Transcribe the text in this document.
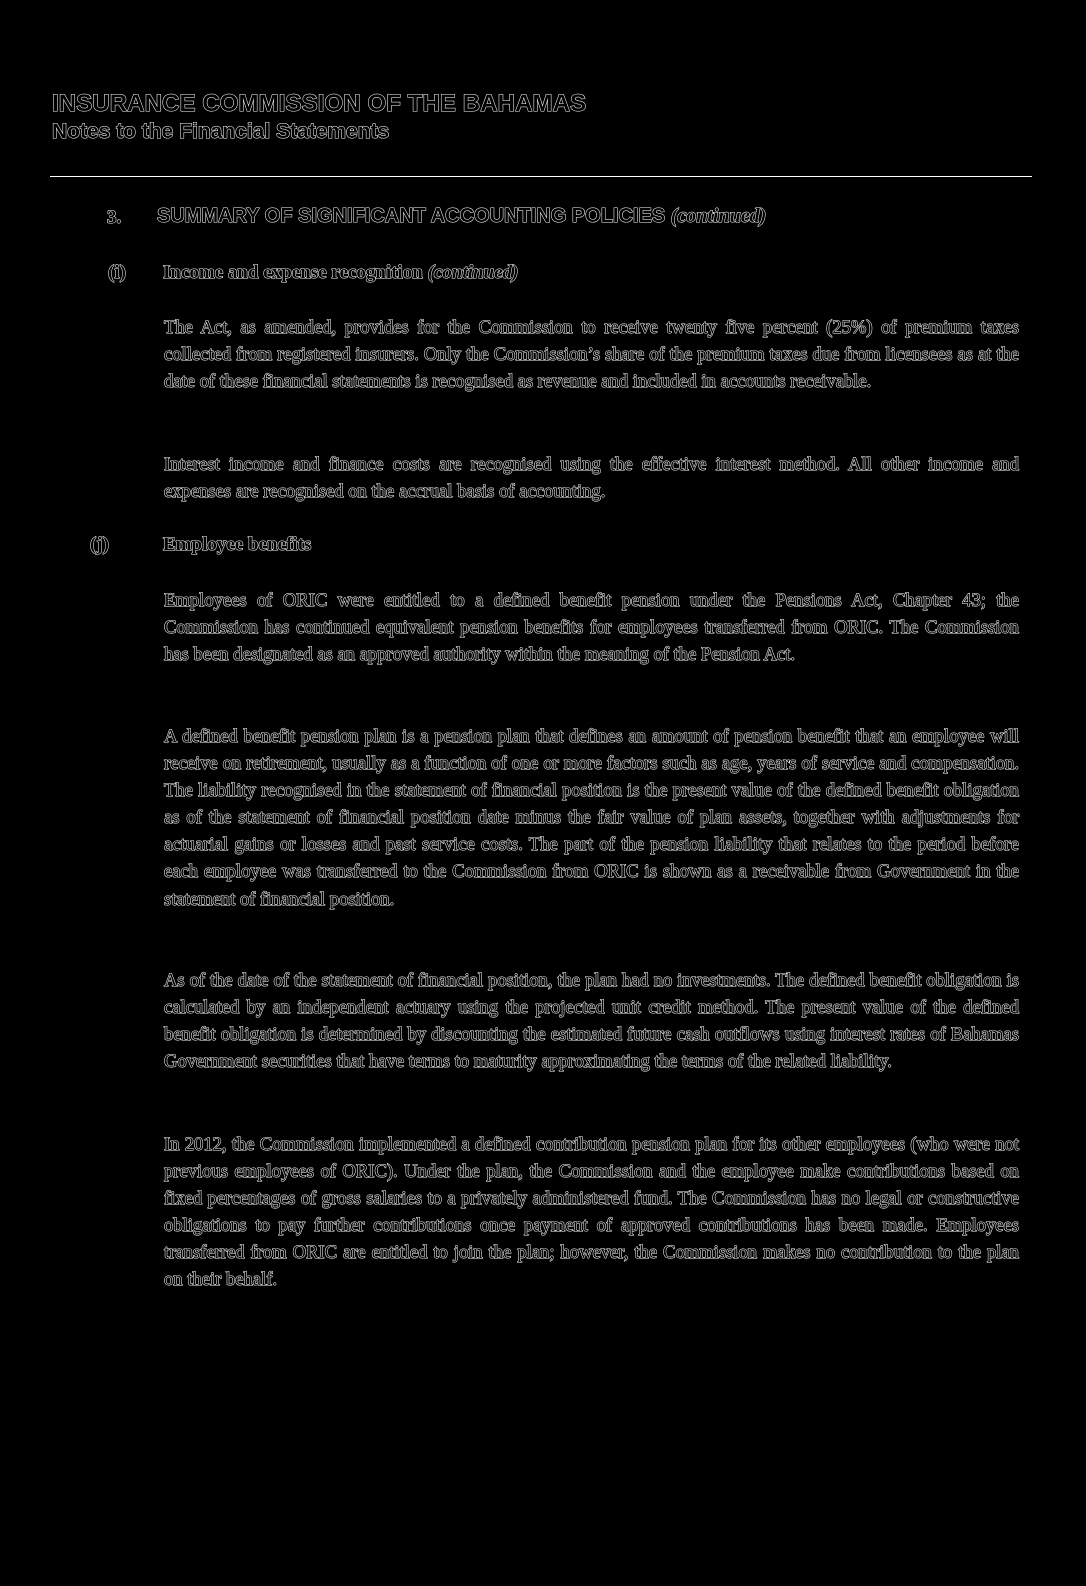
INSURANCE COMMISSION OF THE BAHAMAS
Notes to the Financial Statements
3. SUMMARY OF SIGNIFICANT ACCOUNTING POLICIES (continued)
(i) Income and expense recognition (continued)

The Act, as amended, provides for the Commission to receive twenty five percent (25%) of premium taxes collected from registered insurers. Only the Commission’s share of the premium taxes due from licensees as at the date of these financial statements is recognised as revenue and included in accounts receivable.

Interest income and finance costs are recognised using the effective interest method. All other income and expenses are recognised on the accrual basis of accounting.

(j)	Employee benefits

Employees of ORIC were entitled to a defined benefit pension under the Pensions Act, Chapter 43; the Commission has continued equivalent pension benefits for employees transferred from ORIC. The Commission has been designated as an approved authority within the meaning of the Pension Act.

A defined benefit pension plan is a pension plan that defines an amount of pension benefit that an employee will receive on retirement, usually as a function of one or more factors such as age, years of service and compensation. The liability recognised in the statement of financial position is the present value of the defined benefit obligation as of the statement of financial position date minus the fair value of plan assets, together with adjustments for actuarial gains or losses and past service costs. The part of the pension liability that relates to the period before each employee was transferred to the Commission from ORIC is shown as a receivable from Government in the statement of financial position.

As of the date of the statement of financial position, the plan had no investments. The defined benefit obligation is calculated by an independent actuary using the projected unit credit method. The present value of the defined benefit obligation is determined by discounting the estimated future cash outflows using interest rates of Bahamas Government securities that have terms to maturity approximating the terms of the related liability.

In 2012, the Commission implemented a defined contribution pension plan for its other employees (who were not previous employees of ORIC). Under the plan, the Commission and the employee make contributions based on fixed percentages of gross salaries to a privately administered fund. The Commission has no legal or constructive obligations to pay further contributions once payment of approved contributions has been made. Employees transferred from ORIC are entitled to join the plan; however, the Commission makes no contribution to the plan on their behalf.
